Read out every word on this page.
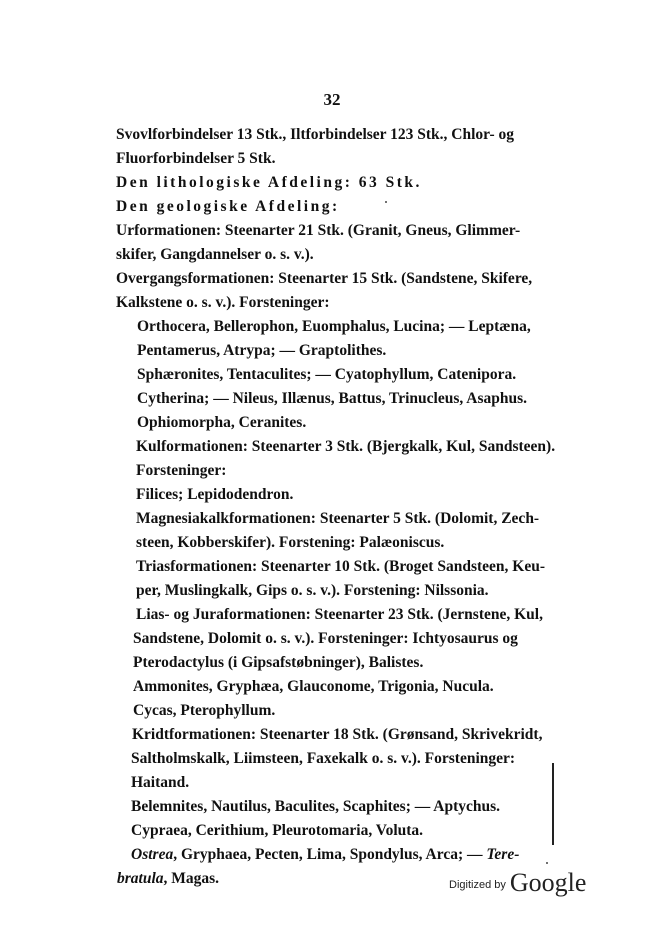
32
Svovlforbindelser 13 Stk., Iltforbindelser 123 Stk., Chlor- og
Fluorforbindelser 5 Stk.
Den lithologiske Afdeling: 63 Stk.
Den geologiske Afdeling:
Urformationen: Steenarter 21 Stk. (Granit, Gneus, Glimmer-
skifer, Gangdannelser o. s. v.).
Overgangsformationen: Steenarter 15 Stk. (Sandstene, Skifere,
Kalkstene o. s. v.). Forsteninger:
Orthocera, Bellerophon, Euomphalus, Lucina; — Leptæna,
Pentamerus, Atrypa; — Graptolithes.
Sphæronites, Tentaculites; — Cyatophyllum, Catenipora.
Cytherina; — Nileus, Illænus, Battus, Trinucleus, Asaphus.
Ophiomorpha, Ceranites.
Kulformationen: Steenarter 3 Stk. (Bjergkalk, Kul, Sandsteen).
Forsteninger:
Filices; Lepidodendron.
Magnesiakalkformationen: Steenarter 5 Stk. (Dolomit, Zech-
steen, Kobberskifer). Forstening: Palæoniscus.
Triasformationen: Steenarter 10 Stk. (Broget Sandsteen, Keu-
per, Muslingkalk, Gips o. s. v.). Forstening: Nilssonia.
Lias- og Juraformationen: Steenarter 23 Stk. (Jernstene, Kul,
Sandstene, Dolomit o. s. v.). Forsteninger: Ichtyosaurus og
Pterodactylus (i Gipsafstøbninger), Balistes.
Ammonites, Gryphæa, Glauconome, Trigonia, Nucula.
Cycas, Pterophyllum.
Kridtformationen: Steenarter 18 Stk. (Grønsand, Skrivekridt,
Saltholmskalk, Liimsteen, Faxekalk o. s. v.). Forsteninger:
Haitand.
Belemnites, Nautilus, Baculites, Scaphites; — Aptychus.
Cypraea, Cerithium, Pleurotomaria, Voluta.
Ostrea, Gryphaea, Pecten, Lima, Spondylus, Arca; — Tere-
bratula, Magas.	Digitized by Google
